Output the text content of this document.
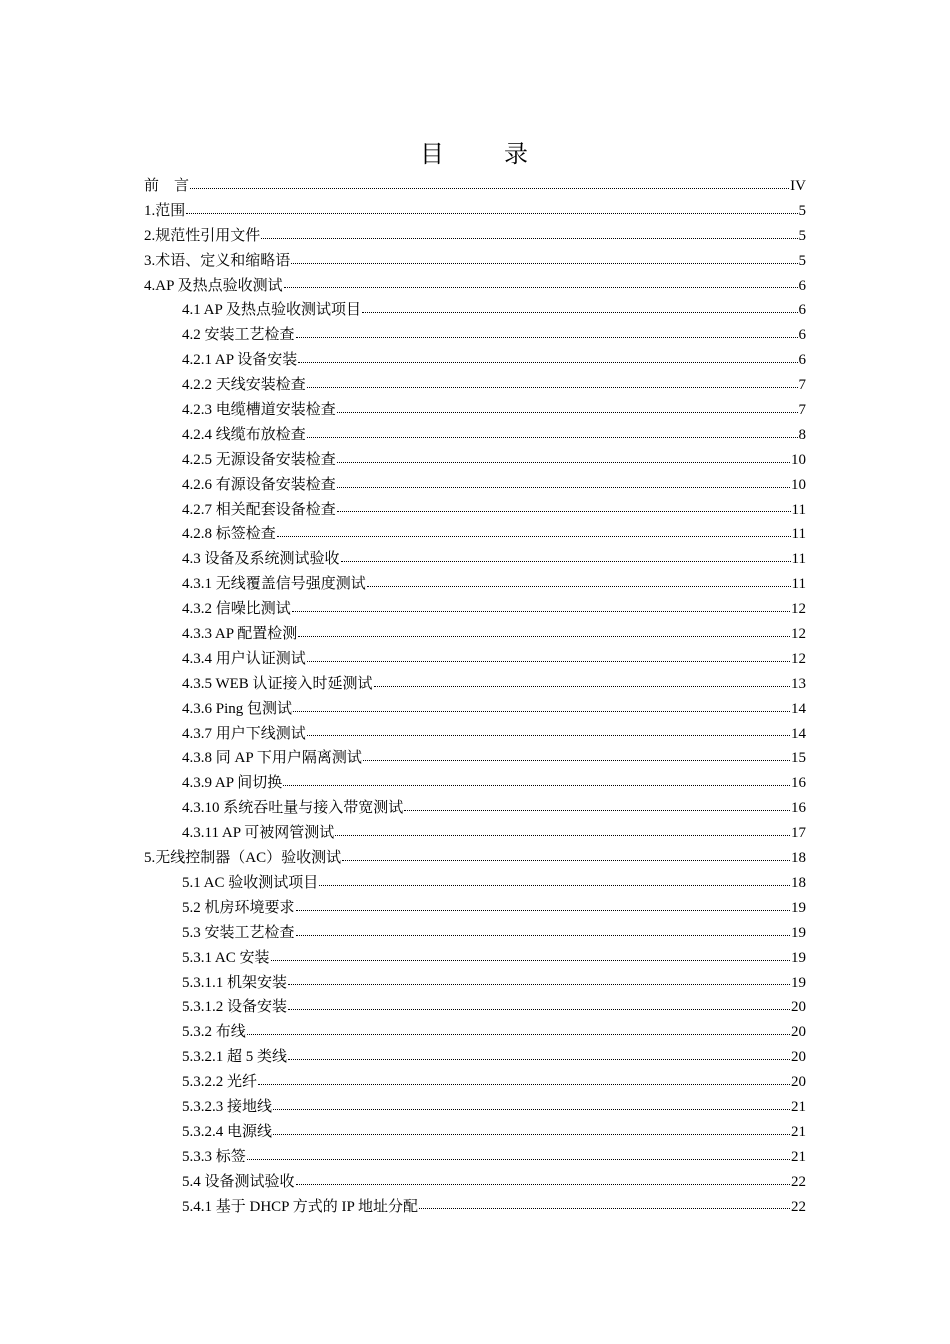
目 录
前　言	IV
1.范围	5
2.规范性引用文件	5
3.术语、定义和缩略语	5
4.AP 及热点验收测试	6
4.1 AP 及热点验收测试项目	6
4.2 安装工艺检查	6
4.2.1 AP 设备安装	6
4.2.2 天线安装检查	7
4.2.3 电缆槽道安装检查	7
4.2.4 线缆布放检查	8
4.2.5 无源设备安装检查	10
4.2.6 有源设备安装检查	10
4.2.7 相关配套设备检查	11
4.2.8 标签检查	11
4.3 设备及系统测试验收	11
4.3.1 无线覆盖信号强度测试	11
4.3.2 信噪比测试	12
4.3.3 AP 配置检测	12
4.3.4 用户认证测试	12
4.3.5 WEB 认证接入时延测试	13
4.3.6 Ping 包测试	14
4.3.7 用户下线测试	14
4.3.8 同 AP 下用户隔离测试	15
4.3.9 AP 间切换	16
4.3.10 系统吞吐量与接入带宽测试	16
4.3.11 AP 可被网管测试	17
5.无线控制器（AC）验收测试	18
5.1 AC 验收测试项目	18
5.2 机房环境要求	19
5.3 安装工艺检查	19
5.3.1 AC 安装	19
5.3.1.1 机架安装	19
5.3.1.2 设备安装	20
5.3.2 布线	20
5.3.2.1 超 5 类线	20
5.3.2.2 光纤	20
5.3.2.3 接地线	21
5.3.2.4 电源线	21
5.3.3 标签	21
5.4 设备测试验收	22
5.4.1 基于 DHCP 方式的 IP 地址分配	22
